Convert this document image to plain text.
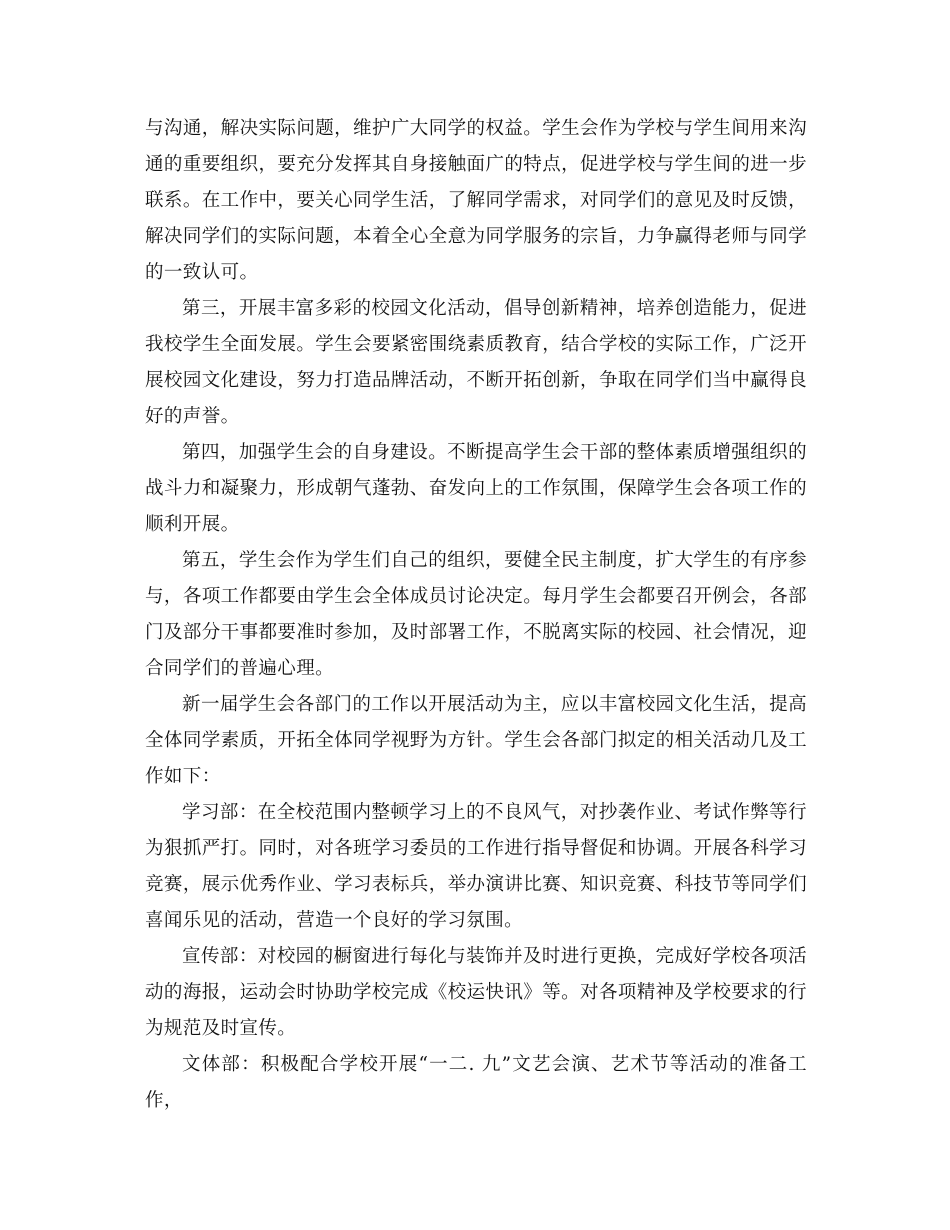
与沟通，解决实际问题，维护广大同学的权益。学生会作为学校与学生间用来沟通的重要组织，要充分发挥其自身接触面广的特点，促进学校与学生间的进一步联系。在工作中，要关心同学生活，了解同学需求，对同学们的意见及时反馈，解决同学们的实际问题，本着全心全意为同学服务的宗旨，力争赢得老师与同学的一致认可。

第三，开展丰富多彩的校园文化活动，倡导创新精神，培养创造能力，促进我校学生全面发展。学生会要紧密围绕素质教育，结合学校的实际工作，广泛开展校园文化建设，努力打造品牌活动，不断开拓创新，争取在同学们当中赢得良好的声誉。

第四，加强学生会的自身建设。不断提高学生会干部的整体素质增强组织的战斗力和凝聚力，形成朝气蓬勃、奋发向上的工作氛围，保障学生会各项工作的顺利开展。

第五，学生会作为学生们自己的组织，要健全民主制度，扩大学生的有序参与，各项工作都要由学生会全体成员讨论决定。每月学生会都要召开例会，各部门及部分干事都要准时参加，及时部署工作，不脱离实际的校园、社会情况，迎合同学们的普遍心理。

新一届学生会各部门的工作以开展活动为主，应以丰富校园文化生活，提高全体同学素质，开拓全体同学视野为方针。学生会各部门拟定的相关活动几及工作如下：

学习部：在全校范围内整顿学习上的不良风气，对抄袭作业、考试作弊等行为狠抓严打。同时，对各班学习委员的工作进行指导督促和协调。开展各科学习竞赛，展示优秀作业、学习表标兵，举办演讲比赛、知识竞赛、科技节等同学们喜闻乐见的活动，营造一个良好的学习氛围。

宣传部：对校园的橱窗进行每化与装饰并及时进行更换，完成好学校各项活动的海报，运动会时协助学校完成《校运快讯》等。对各项精神及学校要求的行为规范及时宣传。

文体部：积极配合学校开展“一二. 九”文艺会演、艺术节等活动的准备工作，
